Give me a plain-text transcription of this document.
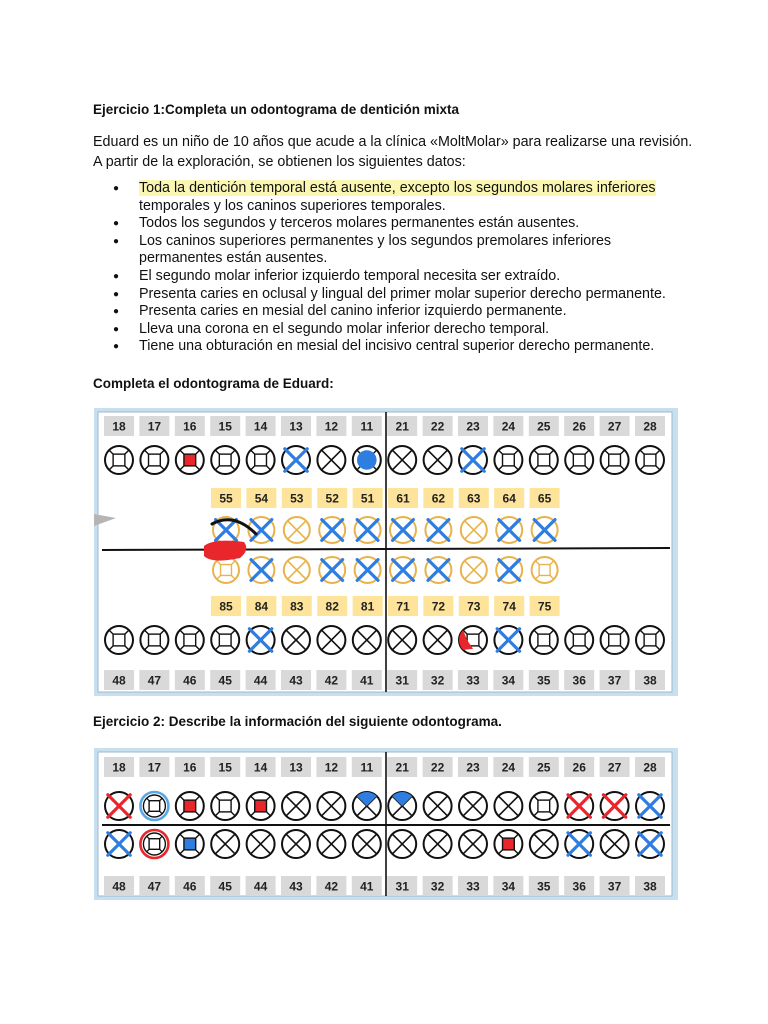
Ejercicio 1:Completa un odontograma de dentición mixta

Eduard es un niño de 10 años que acude a la clínica «MoltMolar» para realizarse una revisión. A partir de la exploración, se obtienen los siguientes datos:

● Toda la dentición temporal está ausente, excepto los segundos molares inferiores temporales y los caninos superiores temporales.
● Todos los segundos y terceros molares permanentes están ausentes.
● Los caninos superiores permanentes y los segundos premolares inferiores permanentes están ausentes.
● El segundo molar inferior izquierdo temporal necesita ser extraído.
● Presenta caries en oclusal y lingual del primer molar superior derecho permanente.
● Presenta caries en mesial del canino inferior izquierdo permanente.
● Lleva una corona en el segundo molar inferior derecho temporal.
● Tiene una obturación en mesial del incisivo central superior derecho permanente.

Completa el odontograma de Eduard:

18 17 16 15 14 13 12 11 21 22 23 24 25 26 27 28
55 54 53 52 51 61 62 63 64 65
85 84 83 82 81 71 72 73 74 75
48 47 46 45 44 43 42 41 31 32 33 34 35 36 37 38

Ejercicio 2: Describe la información del siguiente odontograma.

18 17 16 15 14 13 12 11 21 22 23 24 25 26 27 28
48 47 46 45 44 43 42 41 31 32 33 34 35 36 37 38
